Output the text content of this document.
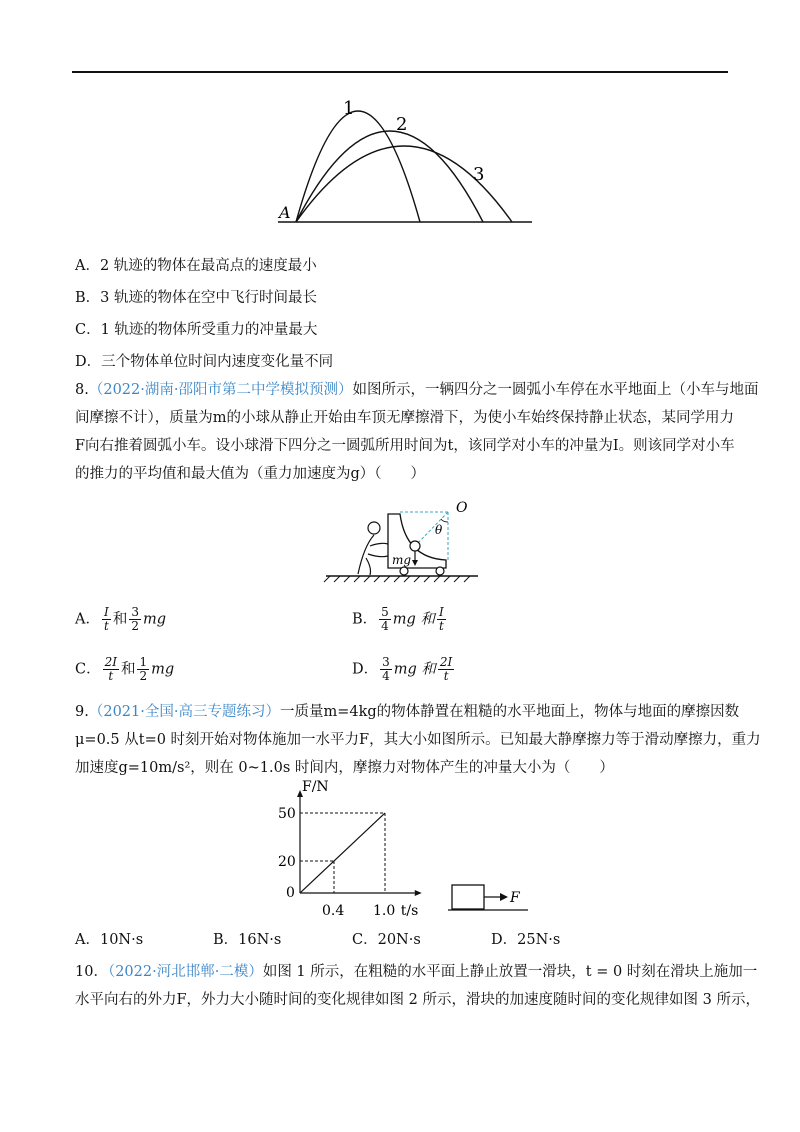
1
2
3
A
A．2 轨迹的物体在最高点的速度最小
B．3 轨迹的物体在空中飞行时间最长
C．1 轨迹的物体所受重力的冲量最大
D．三个物体单位时间内速度变化量不同
8.（2022·湖南·邵阳市第二中学模拟预测）如图所示，一辆四分之一圆弧小车停在水平地面上（小车与地面
间摩擦不计），质量为m的小球从静止开始由车顶无摩擦滑下，为使小车始终保持静止状态，某同学用力
F向右推着圆弧小车。设小球滑下四分之一圆弧所用时间为t，该同学对小车的冲量为I。则该同学对小车
的推力的平均值和最大值为（重力加速度为g）（　　）
O
θ
mg
A． $\frac{I}{t}$ 和 $\frac{3}{2}$ mg	B． $\frac{5}{4}$ mg 和 $\frac{I}{t}$
C． $\frac{2I}{t}$ 和 $\frac{1}{2}$ mg	D． $\frac{3}{4}$ mg 和 $\frac{2I}{t}$
9.（2021·全国·高三专题练习）一质量m=4kg的物体静置在粗糙的水平地面上，物体与地面的摩擦因数
μ=0.5 从t=0 时刻开始对物体施加一水平力F，其大小如图所示。已知最大静摩擦力等于滑动摩擦力，重力
加速度g=10m/s²，则在 0~1.0s 时间内，摩擦力对物体产生的冲量大小为（　　）
F/N
t/s
0
20
50
0.4 1.0
F
A．10N·s	B．16N·s	C．20N·s	D．25N·s
10．（2022·河北邯郸·二模）如图 1 所示，在粗糙的水平面上静止放置一滑块，t = 0 时刻在滑块上施加一
水平向右的外力F，外力大小随时间的变化规律如图 2 所示，滑块的加速度随时间的变化规律如图 3 所示，
